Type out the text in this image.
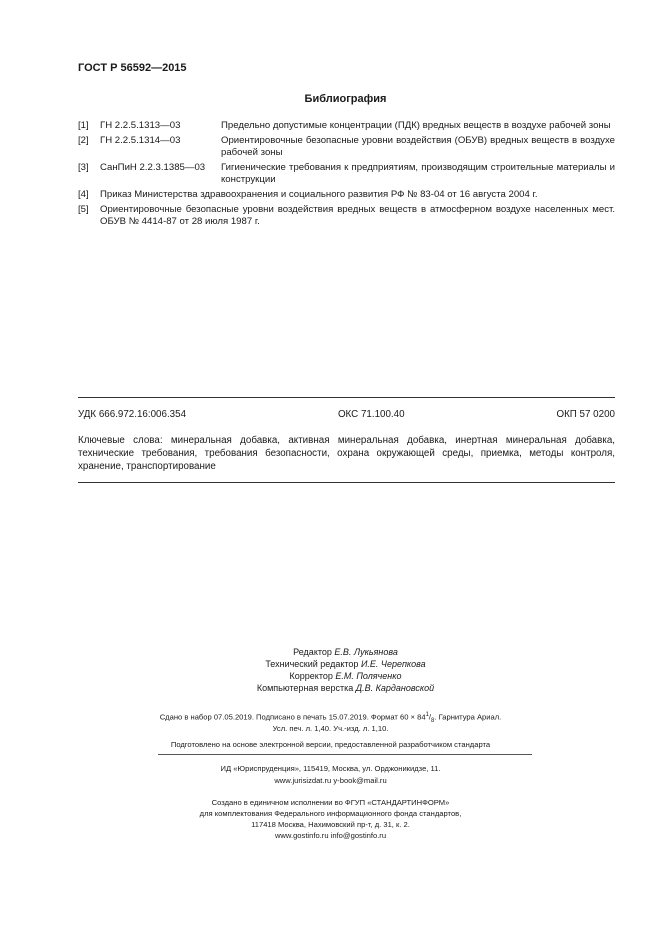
ГОСТ Р 56592—2015
Библиография
[1]	ГН 2.2.5.1313—03	Предельно допустимые концентрации (ПДК) вредных веществ в воздухе рабочей зоны
[2]	ГН 2.2.5.1314—03	Ориентировочные безопасные уровни воздействия (ОБУВ) вредных веществ в воздухе рабочей зоны
[3]	СанПиН 2.2.3.1385—03	Гигиенические требования к предприятиям, производящим строительные материалы и конструкции
[4]	Приказ Министерства здравоохранения и социального развития РФ № 83-04 от 16 августа 2004 г.
[5]	Ориентировочные безопасные уровни воздействия вредных веществ в атмосферном воздухе населенных мест. ОБУВ № 4414-87 от 28 июля 1987 г.
УДК 666.972.16:006.354	ОКС 71.100.40	ОКП 57 0200
Ключевые слова: минеральная добавка, активная минеральная добавка, инертная минеральная добавка, технические требования, требования безопасности, охрана окружающей среды, приемка, методы контроля, хранение, транспортирование
Редактор Е.В. Лукьянова
Технический редактор И.Е. Черепкова
Корректор Е.М. Поляченко
Компьютерная верстка Д.В. Кардановской
Сдано в набор 07.05.2019. Подписано в печать 15.07.2019. Формат $60 \times 84^1/_8$. Гарнитура Ариал.
Усл. печ. л. 1,40. Уч.-изд. л. 1,10.
Подготовлено на основе электронной версии, предоставленной разработчиком стандарта
ИД «Юриспруденция», 115419, Москва, ул. Орджоникидзе, 11.
www.jurisizdat.ru y-book@mail.ru
Создано в единичном исполнении во ФГУП «СТАНДАРТИНФОРМ»
для комплектования Федерального информационного фонда стандартов,
117418 Москва, Нахимовский пр-т, д. 31, к. 2.
www.gostinfo.ru info@gostinfo.ru
